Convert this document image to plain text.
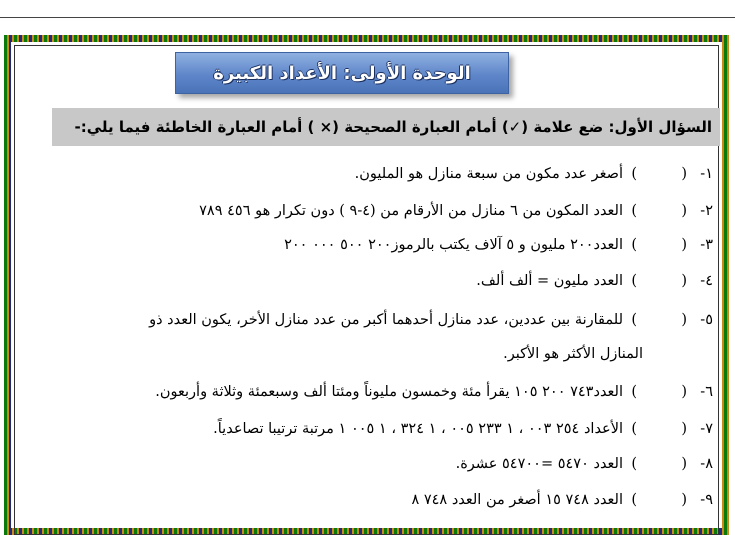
الوحدة الأولى: الأعداد الكبيرة
السؤال الأول: ضع علامة (✓) أمام العبارة الصحيحة (× ) أمام العبارة الخاطئة فيما يلي:-
١-()أصغر عدد مكون من سبعة منازل هو المليون.
٢-()العدد المكون من ٦ منازل من الأرقام من (٤-٩ ) دون تكرار هو ٤٥٦ ٧٨٩
٣-()العدد٢٠٠ مليون و ٥ آلاف يكتب بالرموز٢٠٠ ٥٠٠ ٠٠٠ ٢٠٠
٤-()العدد مليون = ألف ألف.
٥-()للمقارنة بين عددين، عدد منازل أحدهما أكبر من عدد منازل الأخر، يكون العدد ذو
المنازل الأكثر هو الأكبر.
٦-()العدد٧٤٣ ٢٠٠ ١٠٥ يقرأ مئة وخمسون مليوناً ومئتا ألف وسبعمئة وثلاثة وأربعون.
٧-()الأعداد ٢٥٤ ٠٠٣ ، ١ ٢٣٣ ٠٠٥ ، ١ ٣٢٤ ، ١ ٠٠٥ ١ مرتبة ترتيبا تصاعدياً.
٨-()العدد ٥٤٧٠ =٥٤٧٠٠ عشرة.
٩-()العدد ٧٤٨ ١٥ أصغر من العدد ٧٤٨ ٨
